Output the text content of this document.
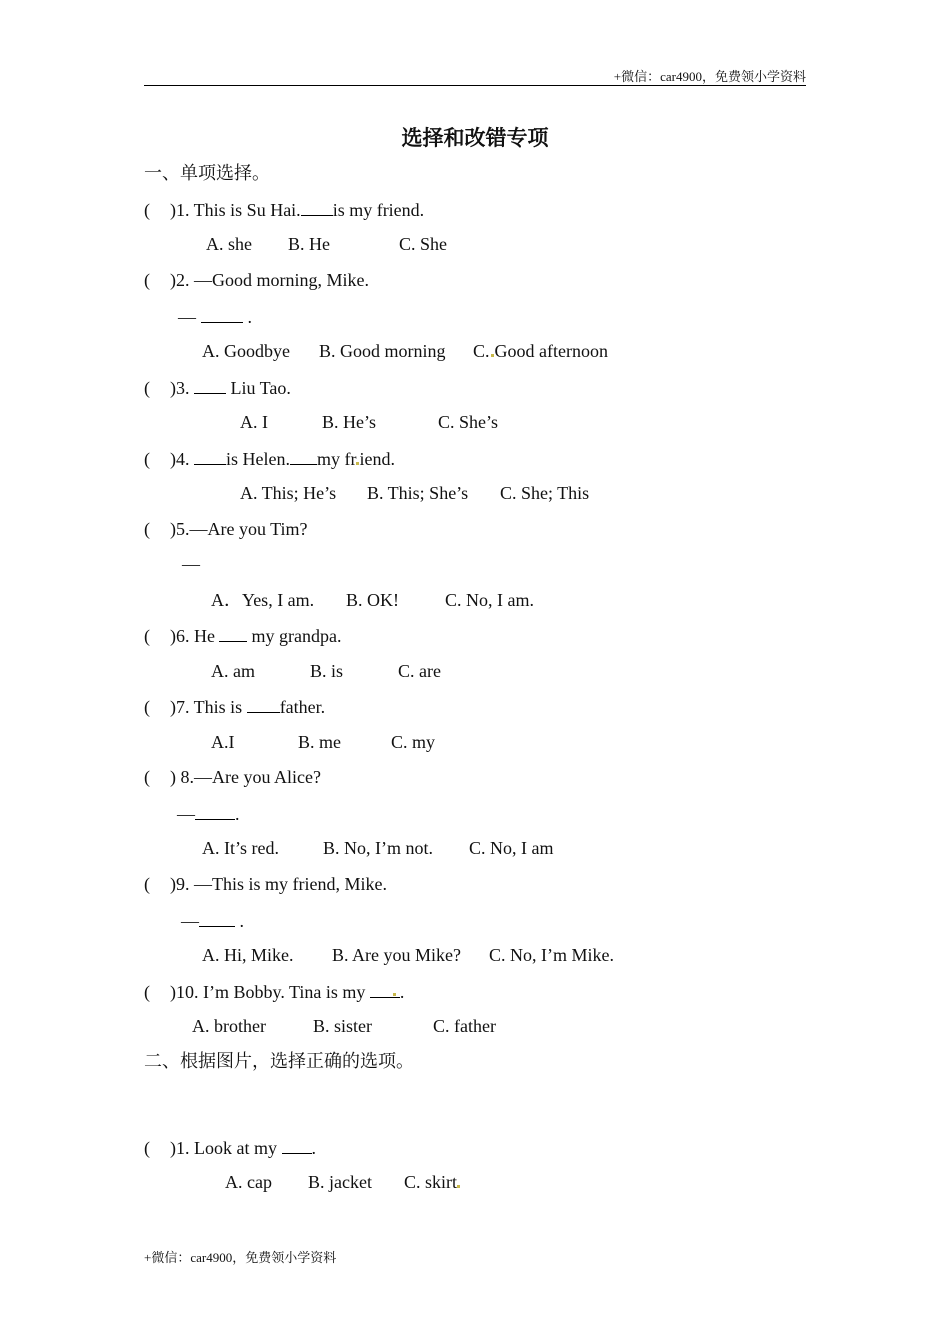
+微信：car4900，免费领小学资料
选择和改错专项
一、单项选择。
( )1. This is Su Hai. is my friend.
A. she B. He	C. She
( )2. —Good morning, Mike.
—	.
A. Goodbye B. Good morning C. Good afternoon
( )3.  Liu Tao.
A. I	B. He’s	C. She’s
( )4. is Helen. my fr iend.
A. This; He’s B. This; She’s C. She; This
( )5.—Are you Tim?
—
A．Yes, I am. B. OK!	C. No, I am.
( )6. He my grandpa.
A. am	B. is	C. are
( )7. This is father.
A.I	B. me	C. my
( ) 8.—Are you Alice?
— .
A. It’s red. B. No, I’m not. C. No, I am
( )9. —This is my friend, Mike.
— .
A. Hi, Mike. B. Are you Mike? C. No, I’m Mike.
( )10. I’m Bobby. Tina is my
.
A. brother	B. sister	C. father
二、根据图片，选择正确的选项。
( )1. Look at my .
A. cap B. jacket C. skirt
+微信：car4900，免费领小学资料
